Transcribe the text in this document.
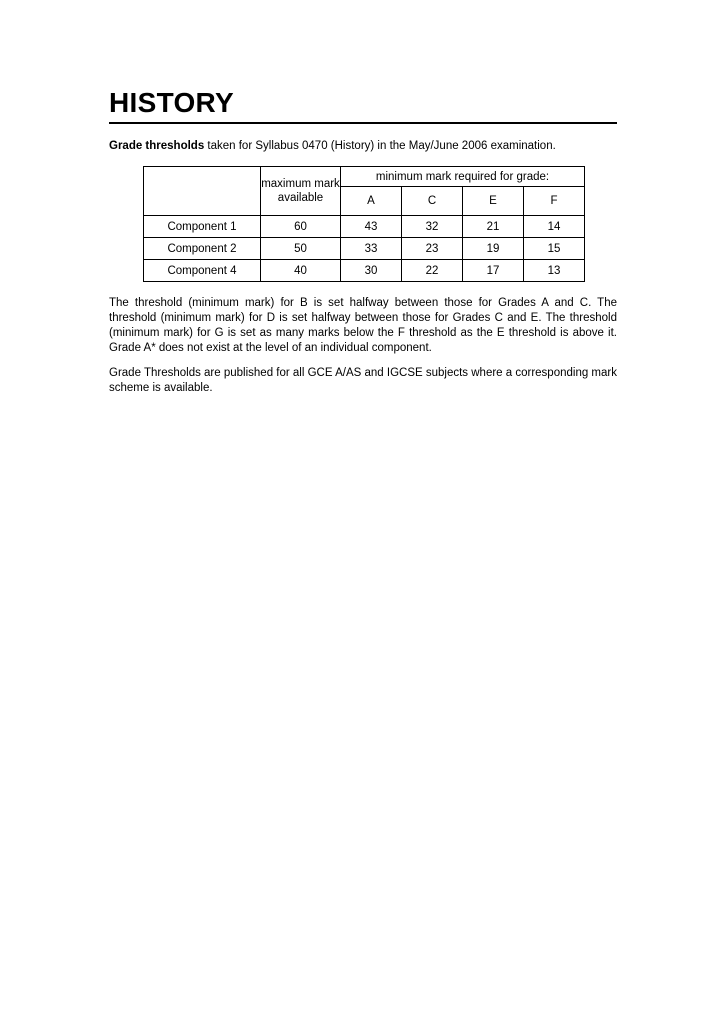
HISTORY

Grade thresholds taken for Syllabus 0470 (History) in the May/June 2006 examination.

	maximum mark available	minimum mark required for grade:			
		A	C	E	F
Component 1	60	43	32	21	14
Component 2	50	33	23	19	15
Component 4	40	30	22	17	13

The threshold (minimum mark) for B is set halfway between those for Grades A and C. The threshold (minimum mark) for D is set halfway between those for Grades C and E. The threshold (minimum mark) for G is set as many marks below the F threshold as the E threshold is above it. Grade A* does not exist at the level of an individual component.

Grade Thresholds are published for all GCE A/AS and IGCSE subjects where a corresponding mark scheme is available.
